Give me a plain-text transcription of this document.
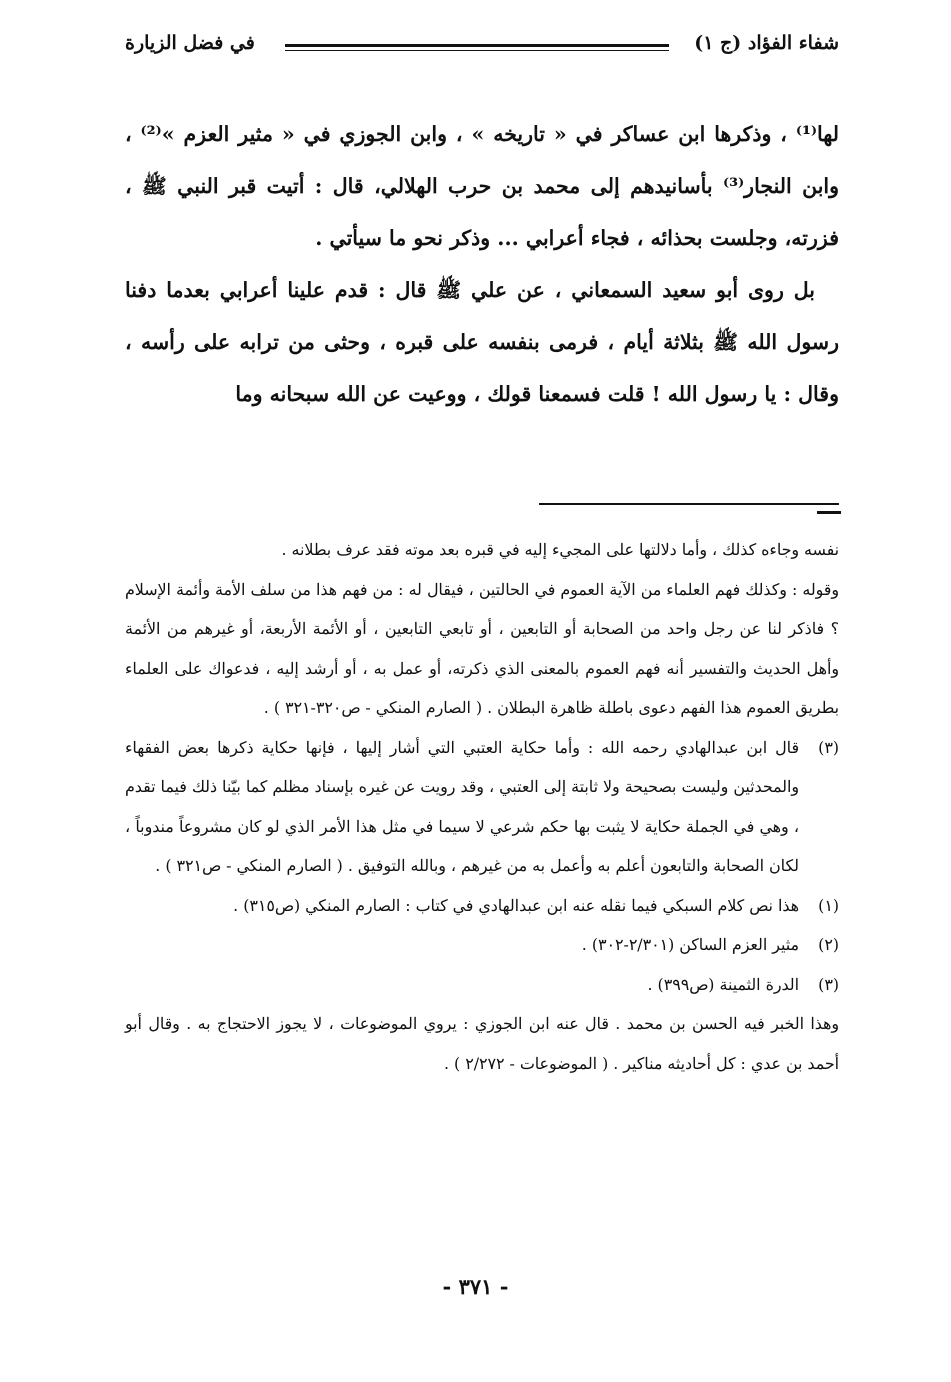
شفاء الفؤاد (ج ١)
في فضل الزيارة

لها⁽¹⁾ ، وذكرها ابن عساكر في « تاريخه » ، وابن الجوزي في « مثير العزم »⁽²⁾ ، وابن النجار⁽³⁾ بأسانيدهم إلى محمد بن حرب الهلالي، قال : أتيت قبر النبي ﷺ ، فزرته، وجلست بحذائه ، فجاء أعرابي ... وذكر نحو ما سيأتي .

بل روى أبو سعيد السمعاني ، عن علي ﷺ قال : قدم علينا أعرابي بعدما دفنا رسول الله ﷺ بثلاثة أيام ، فرمى بنفسه على قبره ، وحثى من ترابه على رأسه ، وقال : يا رسول الله ! قلت فسمعنا قولك ، ووعيت عن الله سبحانه وما

نفسه وجاءه كذلك ، وأما دلالتها على المجيء إليه في قبره بعد موته فقد عرف بطلانه .

وقوله : وكذلك فهم العلماء من الآية العموم في الحالتين ، فيقال له : من فهم هذا من سلف الأمة وأئمة الإسلام ؟ فاذكر لنا عن رجل واحد من الصحابة أو التابعين ، أو تابعي التابعين ، أو الأئمة الأربعة، أو غيرهم من الأئمة وأهل الحديث والتفسير أنه فهم العموم بالمعنى الذي ذكرته، أو عمل به ، أو أرشد إليه ، فدعواك على العلماء بطريق العموم هذا الفهم دعوى باطلة ظاهرة البطلان . ( الصارم المنكي - ص٣٢٠-٣٢١ ) .

(٣)
قال ابن عبدالهادي رحمه الله : وأما حكاية العتبي التي أشار إليها ، فإنها حكاية ذكرها بعض الفقهاء والمحدثين وليست بصحيحة ولا ثابتة إلى العتبي ، وقد رويت عن غيره بإسناد مظلم كما بيّنا ذلك فيما تقدم ، وهي في الجملة حكاية لا يثبت بها حكم شرعي لا سيما في مثل هذا الأمر الذي لو كان مشروعاً مندوباً ، لكان الصحابة والتابعون أعلم به وأعمل به من غيرهم ، وبالله التوفيق . ( الصارم المنكي - ص٣٢١ ) .
(١)
هذا نص كلام السبكي فيما نقله عنه ابن عبدالهادي في كتاب : الصارم المنكي (ص٣١٥) .
(٢)
مثير العزم الساكن (٢/٣٠١-٣٠٢) .
(٣)
الدرة الثمينة (ص٣٩٩) .

وهذا الخبر فيه الحسن بن محمد . قال عنه ابن الجوزي : يروي الموضوعات ، لا يجوز الاحتجاج به . وقال أبو أحمد بن عدي : كل أحاديثه مناكير . ( الموضوعات - ٢/٢٧٢ ) .

- ٣٧١ -
